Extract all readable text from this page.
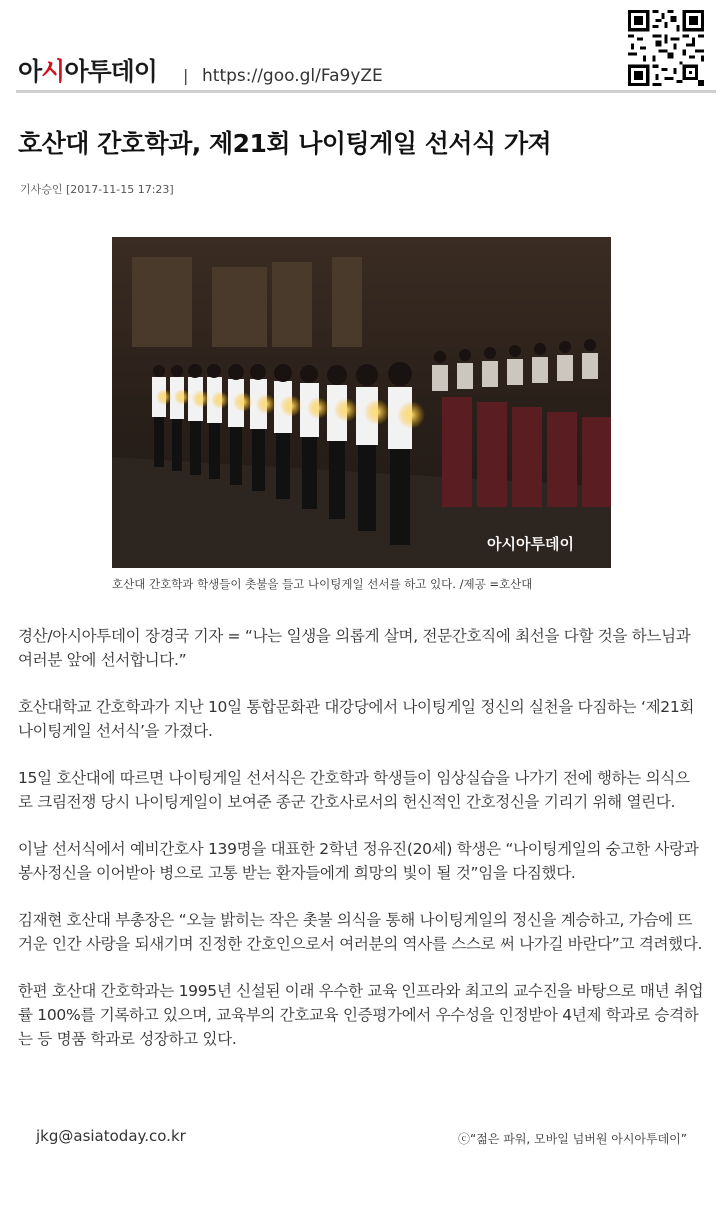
아시아투데이 | https://goo.gl/Fa9yZE
호산대 간호학과, 제21회 나이팅게일 선서식 가져
기사승인 [2017-11-15 17:23]
아시아투데이
호산대 간호학과 학생들이 촛불을 들고 나이팅게일 선서를 하고 있다. /제공 =호산대

경산/아시아투데이 장경국 기자 = “나는 일생을 의롭게 살며, 전문간호직에 최선을 다할 것을 하느님과 여러분 앞에 선서합니다.”

호산대학교 간호학과가 지난 10일 통합문화관 대강당에서 나이팅게일 정신의 실천을 다짐하는 ‘제21회 나이팅게일 선서식’을 가졌다.

15일 호산대에 따르면 나이팅게일 선서식은 간호학과 학생들이 임상실습을 나가기 전에 행하는 의식으로 크림전쟁 당시 나이팅게일이 보여준 종군 간호사로서의 헌신적인 간호정신을 기리기 위해 열린다.

이날 선서식에서 예비간호사 139명을 대표한 2학년 정유진(20세) 학생은 “나이팅게일의 숭고한 사랑과 봉사정신을 이어받아 병으로 고통 받는 환자들에게 희망의 빛이 될 것”임을 다짐했다.

김재현 호산대 부총장은 “오늘 밝히는 작은 촛불 의식을 통해 나이팅게일의 정신을 계승하고, 가슴에 뜨거운 인간 사랑을 되새기며 진정한 간호인으로서 여러분의 역사를 스스로 써 나가길 바란다”고 격려했다.

한편 호산대 간호학과는 1995년 신설된 이래 우수한 교육 인프라와 최고의 교수진을 바탕으로 매년 취업률 100%를 기록하고 있으며, 교육부의 간호교육 인증평가에서 우수성을 인정받아 4년제 학과로 승격하는 등 명품 학과로 성장하고 있다.

jkg@asiatoday.co.kr	ⓒ“젊은 파워, 모바일 넘버원 아시아투데이”
